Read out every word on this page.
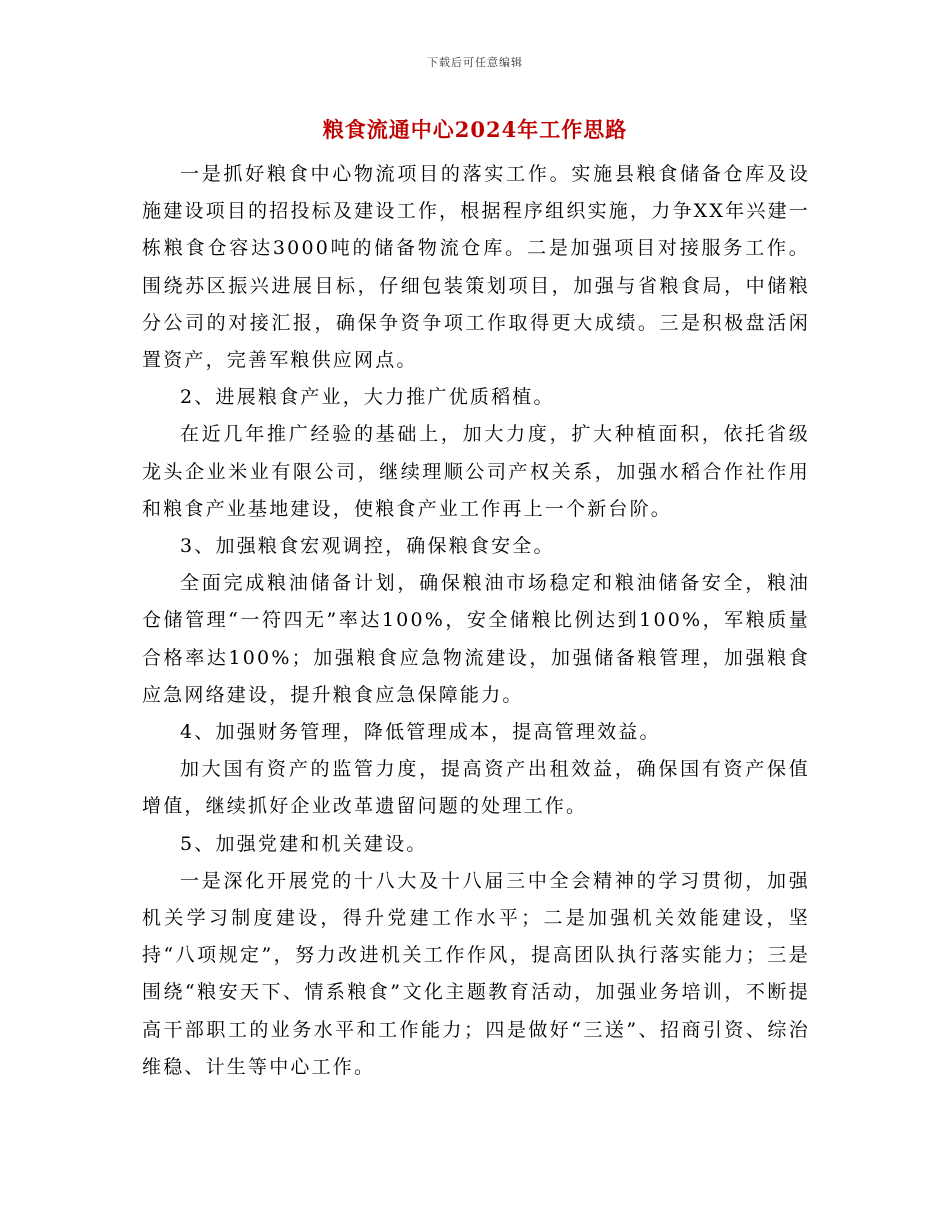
下载后可任意编辑
粮食流通中心2024年工作思路

一是抓好粮食中心物流项目的落实工作。实施县粮食储备仓库及设施建设项目的招投标及建设工作，根据程序组织实施，力争XX年兴建一栋粮食仓容达3000吨的储备物流仓库。二是加强项目对接服务工作。围绕苏区振兴进展目标，仔细包装策划项目，加强与省粮食局，中储粮分公司的对接汇报，确保争资争项工作取得更大成绩。三是积极盘活闲置资产，完善军粮供应网点。

2、进展粮食产业，大力推广优质稻植。

在近几年推广经验的基础上，加大力度，扩大种植面积，依托省级龙头企业米业有限公司，继续理顺公司产权关系，加强水稻合作社作用和粮食产业基地建设，使粮食产业工作再上一个新台阶。

3、加强粮食宏观调控，确保粮食安全。

全面完成粮油储备计划，确保粮油市场稳定和粮油储备安全，粮油仓储管理“一符四无”率达100%，安全储粮比例达到100%，军粮质量合格率达100%；加强粮食应急物流建设，加强储备粮管理，加强粮食应急网络建设，提升粮食应急保障能力。

4、加强财务管理，降低管理成本，提高管理效益。

加大国有资产的监管力度，提高资产出租效益，确保国有资产保值增值，继续抓好企业改革遗留问题的处理工作。

5、加强党建和机关建设。

一是深化开展党的十八大及十八届三中全会精神的学习贯彻，加强机关学习制度建设，得升党建工作水平；二是加强机关效能建设，坚持“八项规定”，努力改进机关工作作风，提高团队执行落实能力；三是围绕“粮安天下、情系粮食”文化主题教育活动，加强业务培训，不断提高干部职工的业务水平和工作能力；四是做好“三送”、招商引资、综治维稳、计生等中心工作。
